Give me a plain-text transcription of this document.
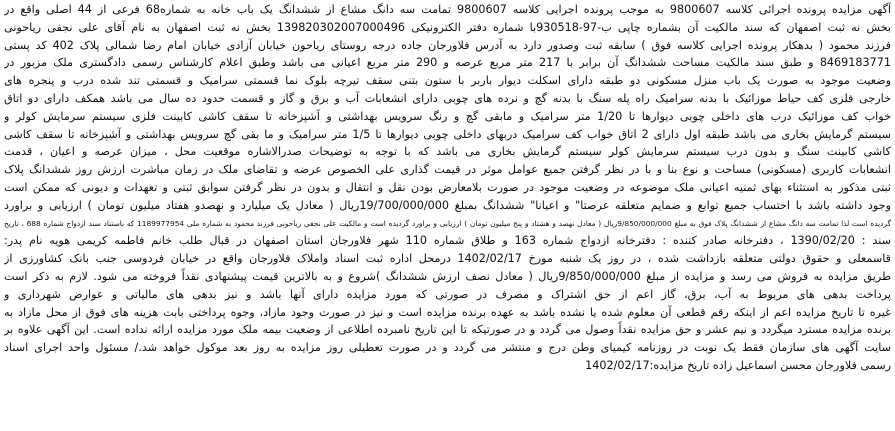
آگهی مزایده پرونده اجرائی کلاسه 9800607 به موجب پرونده اجرایی کلاسه 9800607 تمامت سه دانگ مشاع از ششدانگ یک باب خانه به شماره68 فرعی از 44 اصلی واقع در
بخش نه ثبت اصفهان که سند مالکیت آن بشماره چاپی ب-97-930518با شماره دفتر الکترونیکی 139820302007000496 بخش نه ثبت اصفهان به نام آقای علی نجفی ریاحونی
فرزند محمود ( بدهکار پرونده اجرایی کلاسه فوق ) سابقه ثبت وصدور دارد به آدرس فلاورجان جاده درجه روستای ریاحون خیابان آزادی خیابان امام رضا شمالی پلاک 402 کد پستی
8469183771 و طبق سند مالکیت مساحت ششدانگ آن برابر با 217 متر مربع عرصه و 290 متر مربع اعیانی می باشد وطبق اعلام کارشناس رسمی دادگستری ملک مزبور در
وضعیت موجود به صورت یک باب منزل مسکونی دو طبقه دارای اسکلت دیوار باربر با ستون بتنی سقف تیرچه بلوک نما قسمتی سرامیک و قسمتی تند شده درب و پنجره های
خارجی فلزی کف حیاط موزائیک با بدنه سرامیک راه پله سنگ با بدنه گچ و نرده های چوبی دارای انشعابات آب و برق و گاز و قسمت حدود ده سال می باشد همکف دارای دو اتاق
خواب کف موزائیک درب های داخلی چوبی دیوارها تا 1/20 متر سرامیک و مابقی گچ و رنگ سرویس بهداشتی و آشپزخانه تا سقف کاشی کابینت فلزی سیستم سرمایش کولر و
سیستم گرمایش بخاری می باشد طبقه اول دارای 2 اتاق خواب کف سرامیک دربهای داخلی چوبی دیوارها تا 1/5 متر سرامیک و ما بقی گچ سرویس بهداشتی و آشپزخانه تا سقف کاشی
کاشی کابینت سنگ و بدون درب سیستم سرمایش کولر سیستم گرمایش بخاری می باشد که با توجه به توضیحات صدرالاشاره موقعیت محل ، میزان عرصه و اعیان ، قدمت
انشعابات کاربری (مسکونی) مساحت و نوع بنا و با در نظر گرفتن جمیع عوامل موثر در قیمت گذاری علی الخصوص عرضه و تقاضای ملک در زمان مباشرت ارزش روز ششدانگ پلاک
ثبتی مذکور به استثناء بهای ثمنیه اعیانی ملک موضوعه در وضعیت موجود در صورت بلامعارض بودن نقل و انتقال و بدون در نظر گرفتن سوابق ثبتی و تعهدات و دیونی که ممکن است
وجود داشته باشد با احتساب جمیع توابع و ضمایم متعلقه عرصتا" و اعیانا" ششدانگ بمبلغ 19/700/000/000ریال ( معادل یک میلیارد و نهصدو هفتاد میلیون تومان ) ارزیابی و براورد
گردیده است لذا تمامت سه دانگ مشاع از ششدانگ پلاک فوق به مبلغ 9/850/000/000ریال ( معادل نهصد و هشتاد و پنج میلیون تومان ) ارزیابی و براورد گردیده است و مالکیت علی نجفی ریاحونی فرزند محمود به شماره ملی 1189977954 که باستناد سند ازدواج شماره 688 ، تاریخ
سند : 1390/02/20 ، دفترخانه صادر کننده : دفترخانه ازدواج شماره 163 و طلاق شماره 110 شهر فلاورجان استان اصفهان در قبال طلب خانم فاطمه کریمی هویه نام پدر:
قاسمعلی و حقوق دولتی متعلقه بازداشت شده ، در روز یک شنبه مورخ 1402/02/17 درمحل اداره ثبت اسناد واملاک فلاورجان واقع در خیابان فردوسی جنب بانک کشاورزی از
طریق مزایده به فروش می رسد و مزایده از مبلغ 9/850/000/000ریال ( معادل نصف ارزش ششدانگ )شروع و به بالاترین قیمت پیشنهادی نقداً فروخته می شود. لازم به ذکر است
پرداخت بدهی های مربوط به آب، برق، گاز اعم از حق اشتراک و مصرف در صورتی که مورد مزایده دارای آنها باشد و نیز بدهی های مالیاتی و عوارض شهرداری و
غیره تا تاریخ مزایده اعم از اینکه رقم قطعی آن معلوم شده یا نشده باشد به عهده برنده مزایده است و نیز در صورت وجود مازاد، وجوه پرداختی بابت هزینه های فوق از محل مازاد به
برنده مزایده مسترد میگردد و نیم عشر و حق مزایده نقداً وصول می گردد و در صورتیکه تا این تاریخ نامبرده اطلاعی از وضعیت بیمه ملک مورد مزایده ارائه نداده است. این آگهی علاوه بر
سایت آگهی های سازمان فقط یک نوبت در روزنامه کیمیای وطن درج و منتشر می گردد و در صورت تعطیلی روز مزایده به روز بعد موکول خواهد شد./ مسئول واحد اجرای اسناد
رسمی فلاورجان محسن اسماعیل زاده تاریخ مزایده:1402/02/17
